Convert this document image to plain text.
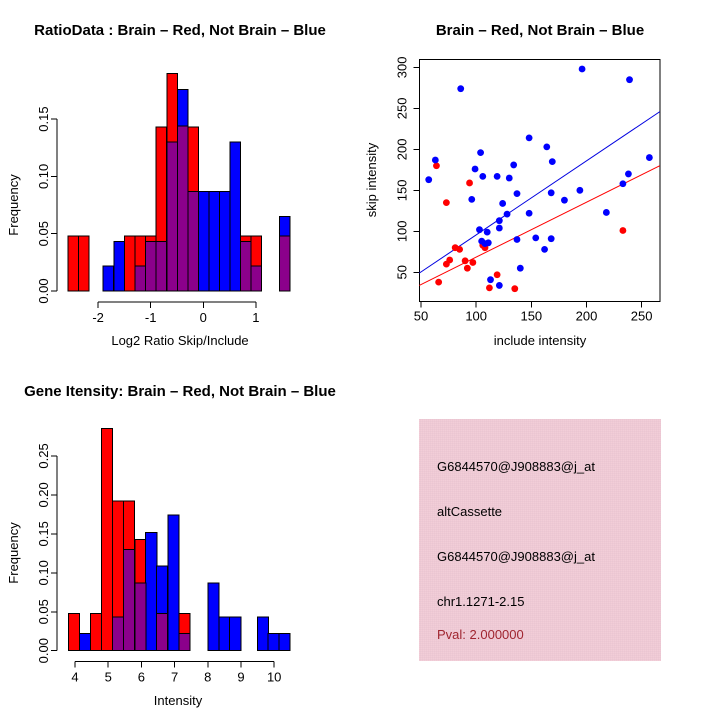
RatioData : Brain – Red, Not Brain – Blue
0.00
0.05
0.10
0.15
-2	-1	0	1
Log2 Ratio Skip/Include
Frequency
Brain – Red, Not Brain – Blue
50	100	150	200	250
50
100
150
200
250
300
include intensity
skip intensity
Gene Itensity: Brain – Red, Not Brain – Blue
0.00
0.05
0.10
0.15
0.20
0.25
4 5 6 7 8 9 10
Intensity
Frequency
G6844570@J908883@j_at
altCassette
G6844570@J908883@j_at
chr1.1271-2.15
Pval: 2.000000
